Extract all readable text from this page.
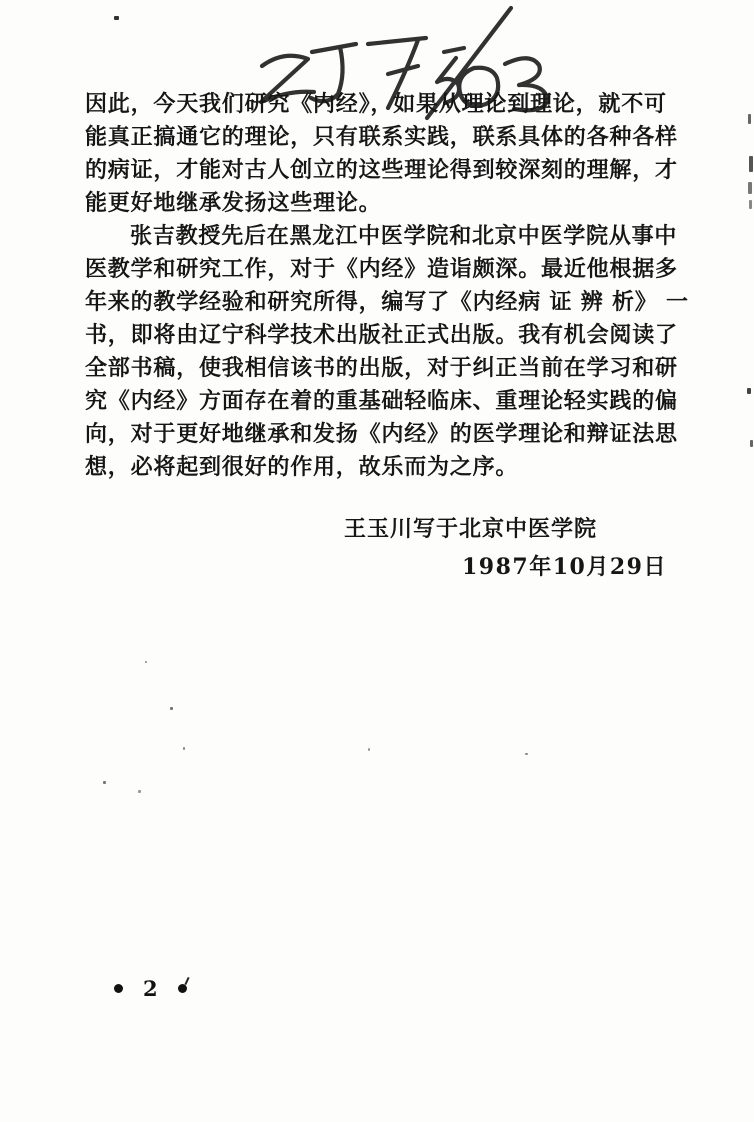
因此，今天我们研究《内经》，如果从理论到理论，就不可
能真正搞通它的理论，只有联系实践，联系具体的各种各样
的病证，才能对古人创立的这些理论得到较深刻的理解，才
能更好地继承发扬这些理论。
张吉教授先后在黑龙江中医学院和北京中医学院从事中
医教学和研究工作，对于《内经》造诣颇深。最近他根据多
年来的教学经验和研究所得，编写了《内经病 证 辨 析》 一
书，即将由辽宁科学技术出版社正式出版。我有机会阅读了
全部书稿，使我相信该书的出版，对于纠正当前在学习和研
究《内经》方面存在着的重基础轻临床、重理论轻实践的偏
向，对于更好地继承和发扬《内经》的医学理论和辩证法思
想，必将起到很好的作用，故乐而为之序。
王玉川写于北京中医学院
1987年10月29日
2
